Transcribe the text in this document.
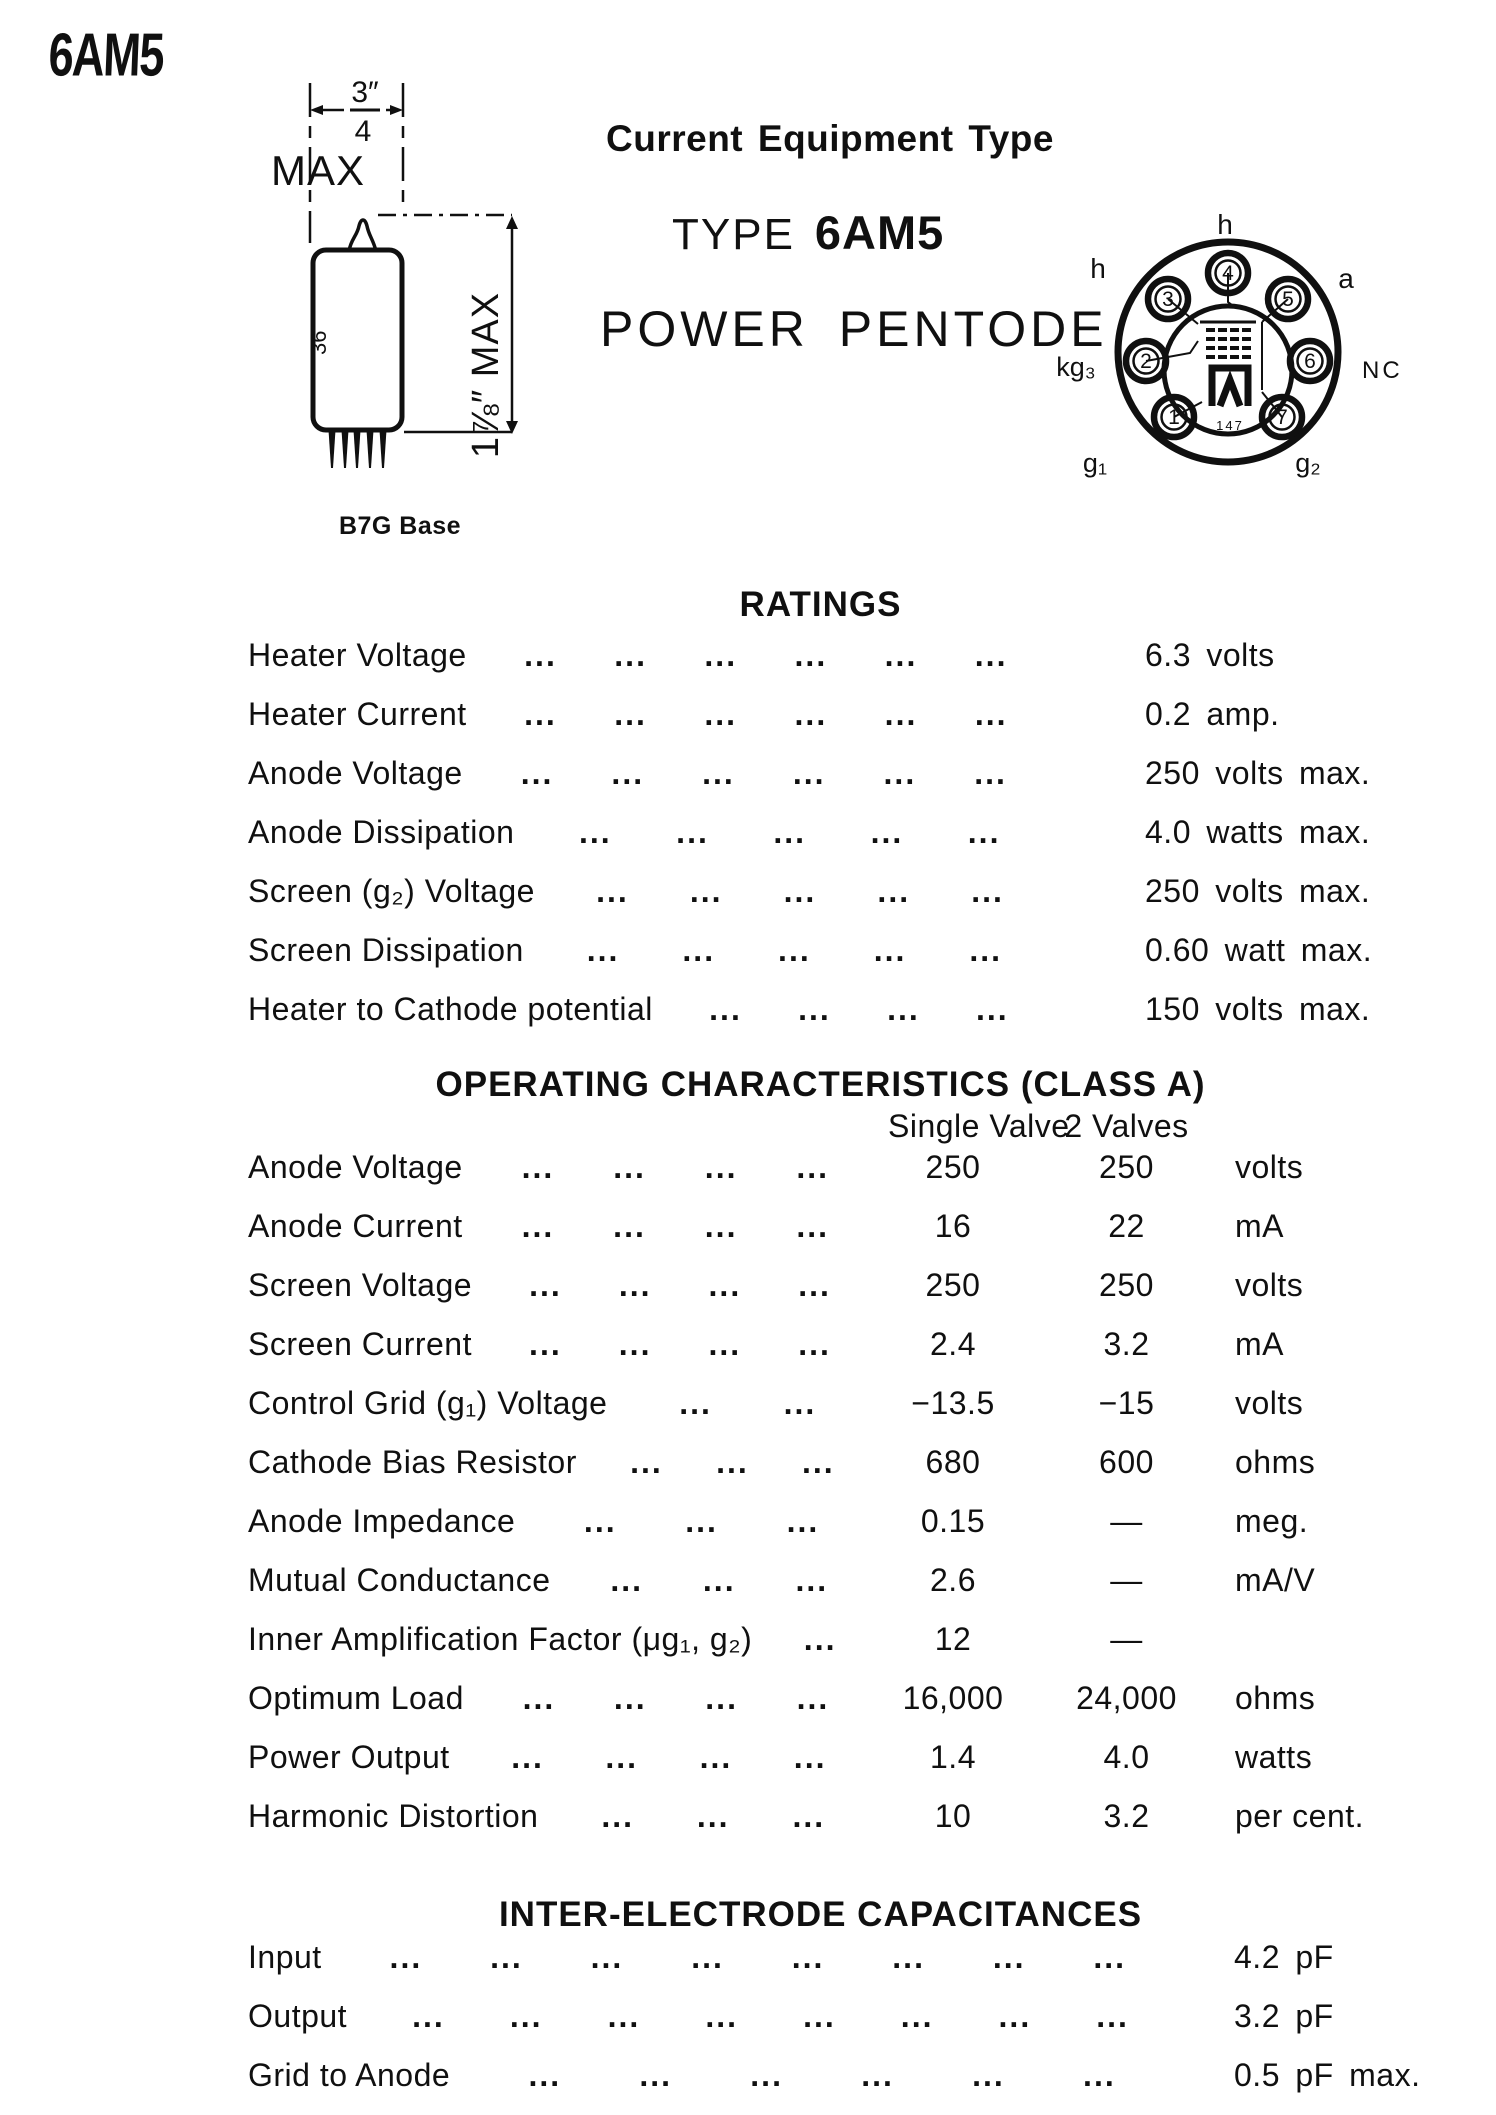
6AM5
Current Equipment Type
TYPE 6AM5
POWER PENTODE
3″
4
MAX
1⅞″ MAX
36
B7G Base
1
2
3
4
5
6
7
h
h	a
kg₃	NC
g₁	g₂
147
RATINGS
Heater Voltage ... ... ... ... ... ...	6.3 volts
Heater Current ... ... ... ... ... ...	0.2 amp.
Anode Voltage ... ... ... ... ... ...	250 volts max.
Anode Dissipation ... ... ... ... ...	4.0 watts max.
Screen (g₂) Voltage ... ... ... ... ...	250 volts max.
Screen Dissipation ... ... ... ... ...	0.60 watt max.
Heater to Cathode potential ... ... ... ...	150 volts max.
OPERATING CHARACTERISTICS (CLASS A)
Single Valve
2 Valves
Anode Voltage ... ... ... ...	250	250	volts
Anode Current ... ... ... ...	16	22	mA
Screen Voltage ... ... ... ...	250	250	volts
Screen Current ... ... ... ...	2.4	3.2	mA
Control Grid (g₁) Voltage ... ...	−13.5	−15	volts
Cathode Bias Resistor ... ... ...	680	600	ohms
Anode Impedance ... ... ...	0.15	—	meg.
Mutual Conductance ... ... ...	2.6	—	mA/V
Inner Amplification Factor (μg₁, g₂) ...	12	—
Optimum Load ... ... ... ...	16,000	24,000	ohms
Power Output ... ... ... ...	1.4	4.0	watts
Harmonic Distortion ... ... ...	10	3.2	per cent.
INTER-ELECTRODE CAPACITANCES
Input ... ... ... ... ... ... ... ...	4.2 pF
Output ... ... ... ... ... ... ... ...	3.2 pF
Grid to Anode ... ... ... ... ... ...	0.5 pF max.
